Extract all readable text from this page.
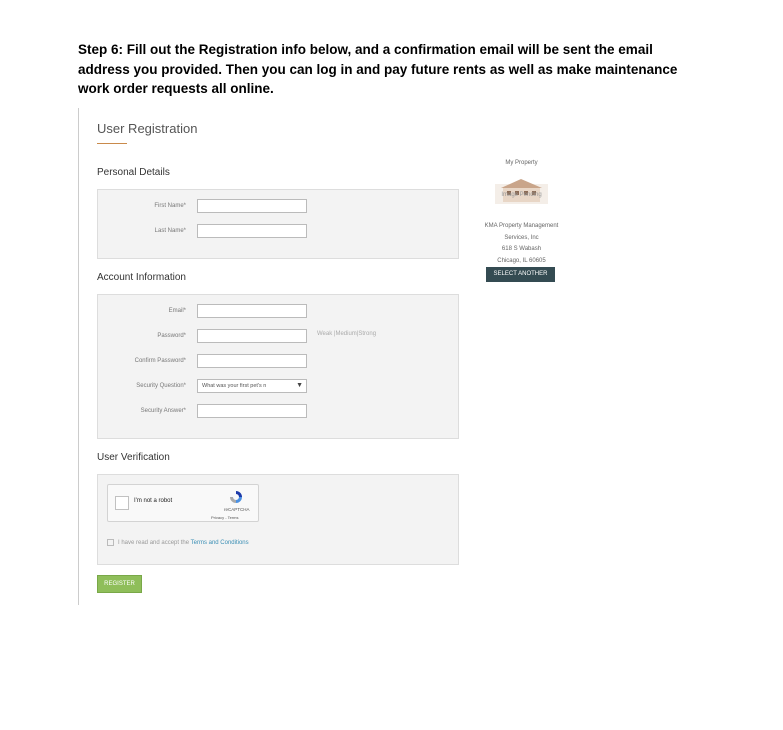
Step 6: Fill out the Registration info below, and a confirmation email will be sent the email address you provided. Then you can log in and pay future rents as well as make maintenance work order requests all online.
User Registration
Personal Details
First Name*
Last Name*
Account Information
Email*
Password*	Weak |Medium|Strong
Confirm Password*
Security Question*	What was your first pet's n	▼
Security Answer*
User Verification
I'm not a robot
reCAPTCHA
Privacy - Terms
I have read and accept the Terms and Conditions
REGISTER
My Property
Image Pending
KMA Property Management
Services, Inc
618 S Wabash
Chicago, IL 60605
SELECT ANOTHER
